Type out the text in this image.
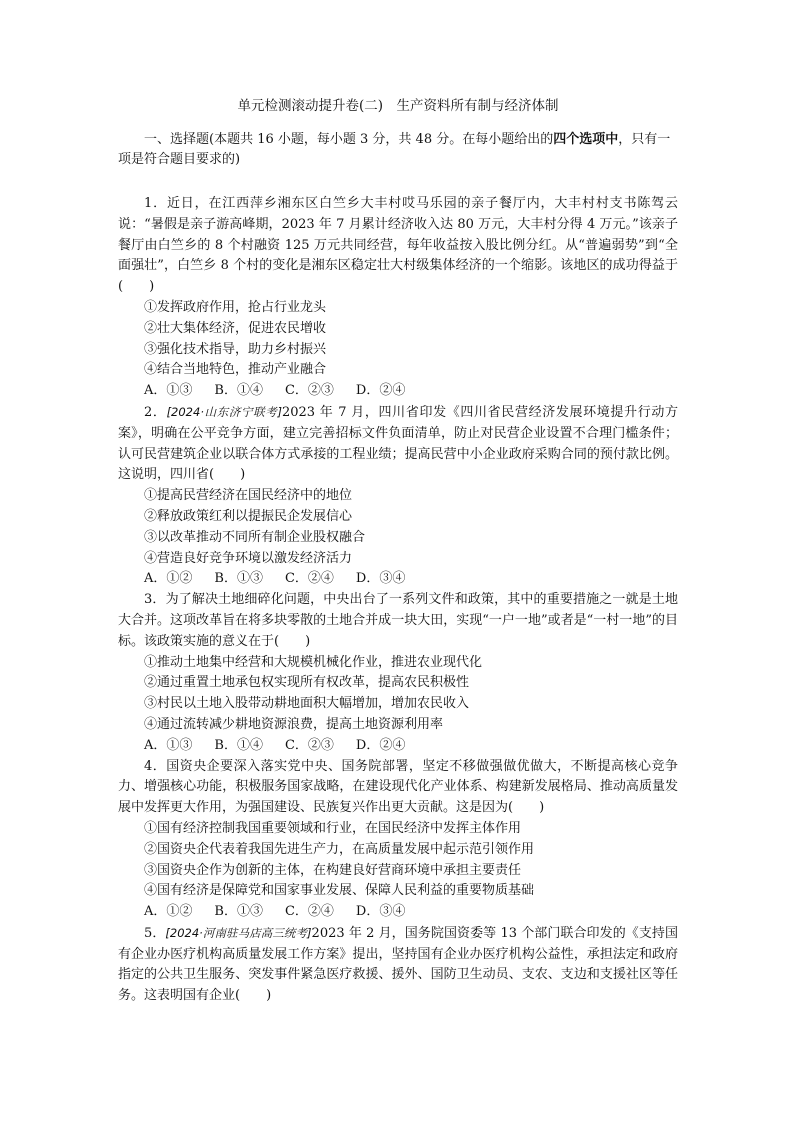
单元检测滚动提升卷(二)　生产资料所有制与经济体制

一、选择题(本题共 16 小题，每小题 3 分，共 48 分。在每小题给出的四个选项中，只有一项是符合题目要求的)

1．近日，在江西萍乡湘东区白竺乡大丰村哎马乐园的亲子餐厅内，大丰村村支书陈驾云说：“暑假是亲子游高峰期，2023 年 7 月累计经济收入达 80 万元，大丰村分得 4 万元。”该亲子餐厅由白竺乡的 8 个村融资 125 万元共同经营，每年收益按入股比例分红。从“普遍弱势”到“全面强壮”，白竺乡 8 个村的变化是湘东区稳定壮大村级集体经济的一个缩影。该地区的成功得益于(　　)

①发挥政府作用，抢占行业龙头

②壮大集体经济，促进农民增收

③强化技术指导，助力乡村振兴

④结合当地特色，推动产业融合

A．①③ B．①④ C．②③ D．②④

2．[2024·山东济宁联考]2023 年 7 月，四川省印发《四川省民营经济发展环境提升行动方案》，明确在公平竞争方面，建立完善招标文件负面清单，防止对民营企业设置不合理门槛条件；认可民营建筑企业以联合体方式承接的工程业绩；提高民营中小企业政府采购合同的预付款比例。这说明，四川省(　　)

①提高民营经济在国民经济中的地位

②释放政策红利以提振民企发展信心

③以改革推动不同所有制企业股权融合

④营造良好竞争环境以激发经济活力

A．①② B．①③ C．②④ D．③④

3．为了解决土地细碎化问题，中央出台了一系列文件和政策，其中的重要措施之一就是土地大合并。这项改革旨在将多块零散的土地合并成一块大田，实现“一户一地”或者是“一村一地”的目标。该政策实施的意义在于(　　)

①推动土地集中经营和大规模机械化作业，推进农业现代化

②通过重置土地承包权实现所有权改革，提高农民积极性

③村民以土地入股带动耕地面积大幅增加，增加农民收入

④通过流转减少耕地资源浪费，提高土地资源利用率

A．①③ B．①④ C．②③ D．②④

4．国资央企要深入落实党中央、国务院部署，坚定不移做强做优做大，不断提高核心竞争力、增强核心功能，积极服务国家战略，在建设现代化产业体系、构建新发展格局、推动高质量发展中发挥更大作用，为强国建设、民族复兴作出更大贡献。这是因为(　　)

①国有经济控制我国重要领域和行业，在国民经济中发挥主体作用

②国资央企代表着我国先进生产力，在高质量发展中起示范引领作用

③国资央企作为创新的主体，在构建良好营商环境中承担主要责任

④国有经济是保障党和国家事业发展、保障人民利益的重要物质基础

A．①② B．①③ C．②④ D．③④

5．[2024·河南驻马店高三统考]2023 年 2 月，国务院国资委等 13 个部门联合印发的《支持国有企业办医疗机构高质量发展工作方案》提出，坚持国有企业办医疗机构公益性，承担法定和政府指定的公共卫生服务、突发事件紧急医疗救援、援外、国防卫生动员、支农、支边和支援社区等任务。这表明国有企业(　　)
